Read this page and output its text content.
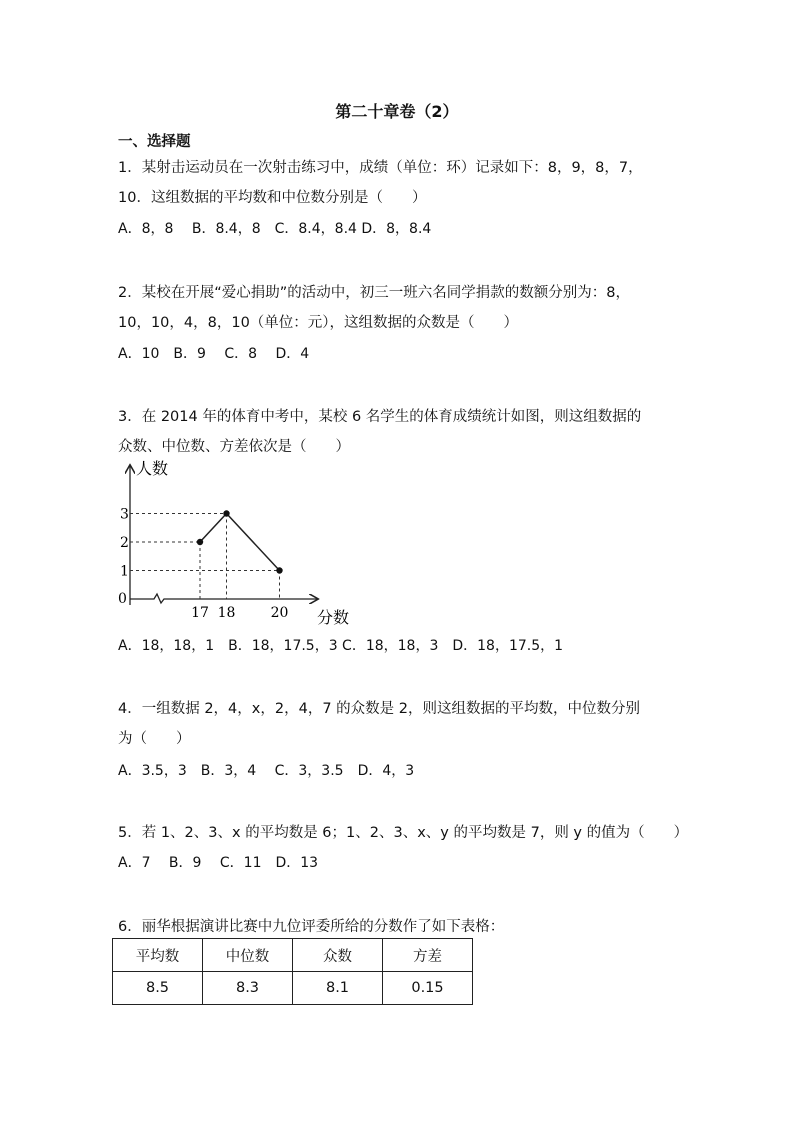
第二十章卷（2）
一、选择题
1．某射击运动员在一次射击练习中，成绩（单位：环）记录如下：8，9，8，7，
10．这组数据的平均数和中位数分别是（　　）
A．8，8　 B．8.4，8　C．8.4，8.4 D．8，8.4
2．某校在开展“爱心捐助”的活动中，初三一班六名同学捐款的数额分别为：8，
10，10，4，8，10（单位：元），这组数据的众数是（　　）
A．10　B．9　 C．8　 D．4
3．在 2014 年的体育中考中，某校 6 名学生的体育成绩统计如图，则这组数据的
众数、中位数、方差依次是（　　）
人数
分数
0
1
2
3
17 18	20
A．18，18，1　B．18，17.5，3 C．18，18，3　D．18，17.5，1
4．一组数据 2，4，x，2，4，7 的众数是 2，则这组数据的平均数，中位数分别
为（　　）
A．3.5，3　B．3，4　 C．3，3.5　D．4，3
5．若 1、2、3、x 的平均数是 6；1、2、3、x、y 的平均数是 7，则 y 的值为（　　）
A．7　 B．9　 C．11　D．13
6．丽华根据演讲比赛中九位评委所给的分数作了如下表格：
平均数	中位数	众数	方差
8.5	8.3	8.1	0.15
